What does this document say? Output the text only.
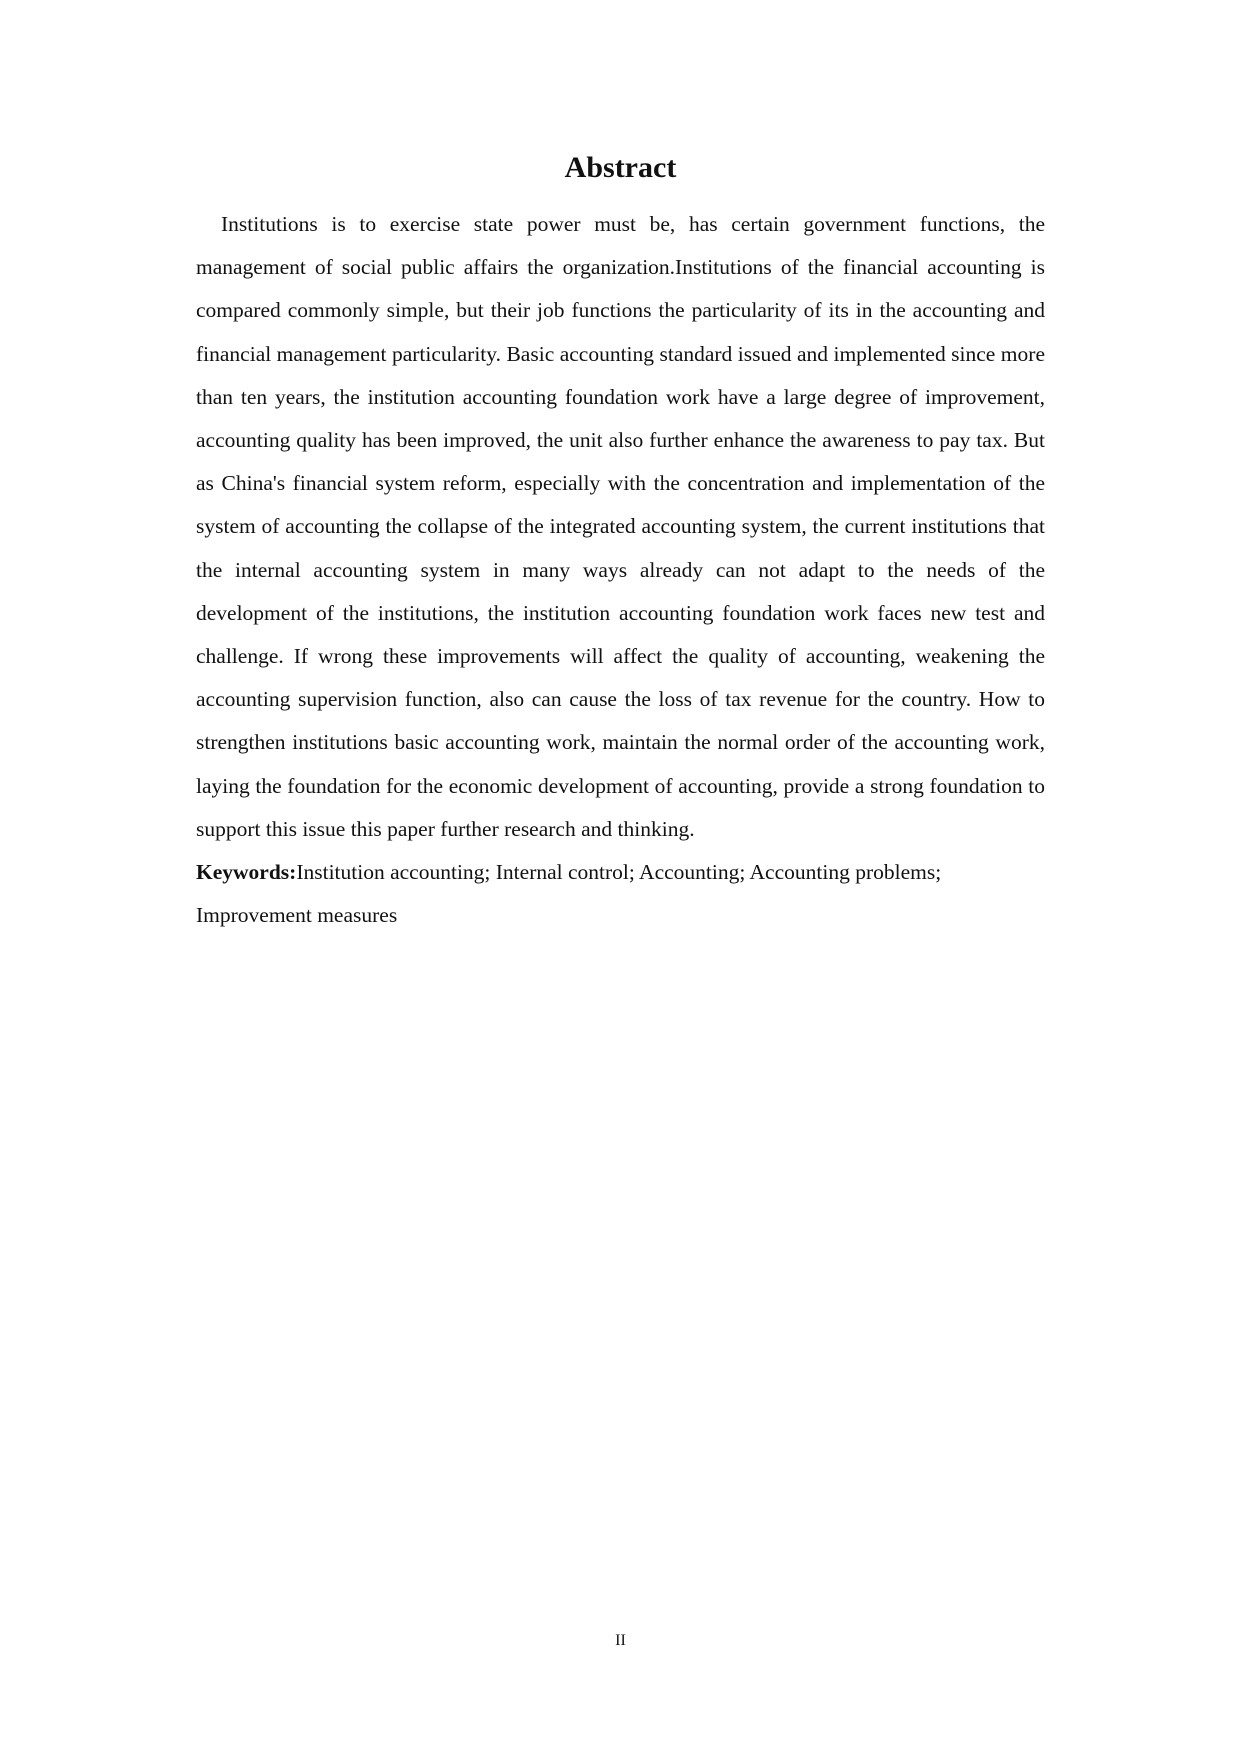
Abstract

Institutions is to exercise state power must be, has certain government functions, the management of social public affairs the organization.Institutions of the financial accounting is compared commonly simple, but their job functions the particularity of its in the accounting and financial management particularity. Basic accounting standard issued and implemented since more than ten years, the institution accounting foundation work have a large degree of improvement, accounting quality has been improved, the unit also further enhance the awareness to pay tax. But as China's financial system reform, especially with the concentration and implementation of the system of accounting the collapse of the integrated accounting system, the current institutions that the internal accounting system in many ways already can not adapt to the needs of the development of the institutions, the institution accounting foundation work faces new test and challenge. If wrong these improvements will affect the quality of accounting, weakening the accounting supervision function, also can cause the loss of tax revenue for the country. How to strengthen institutions basic accounting work, maintain the normal order of the accounting work, laying the foundation for the economic development of accounting, provide a strong foundation to support this issue this paper further research and thinking.

Keywords:Institution accounting; Internal control; Accounting; Accounting problems; Improvement measures

II
